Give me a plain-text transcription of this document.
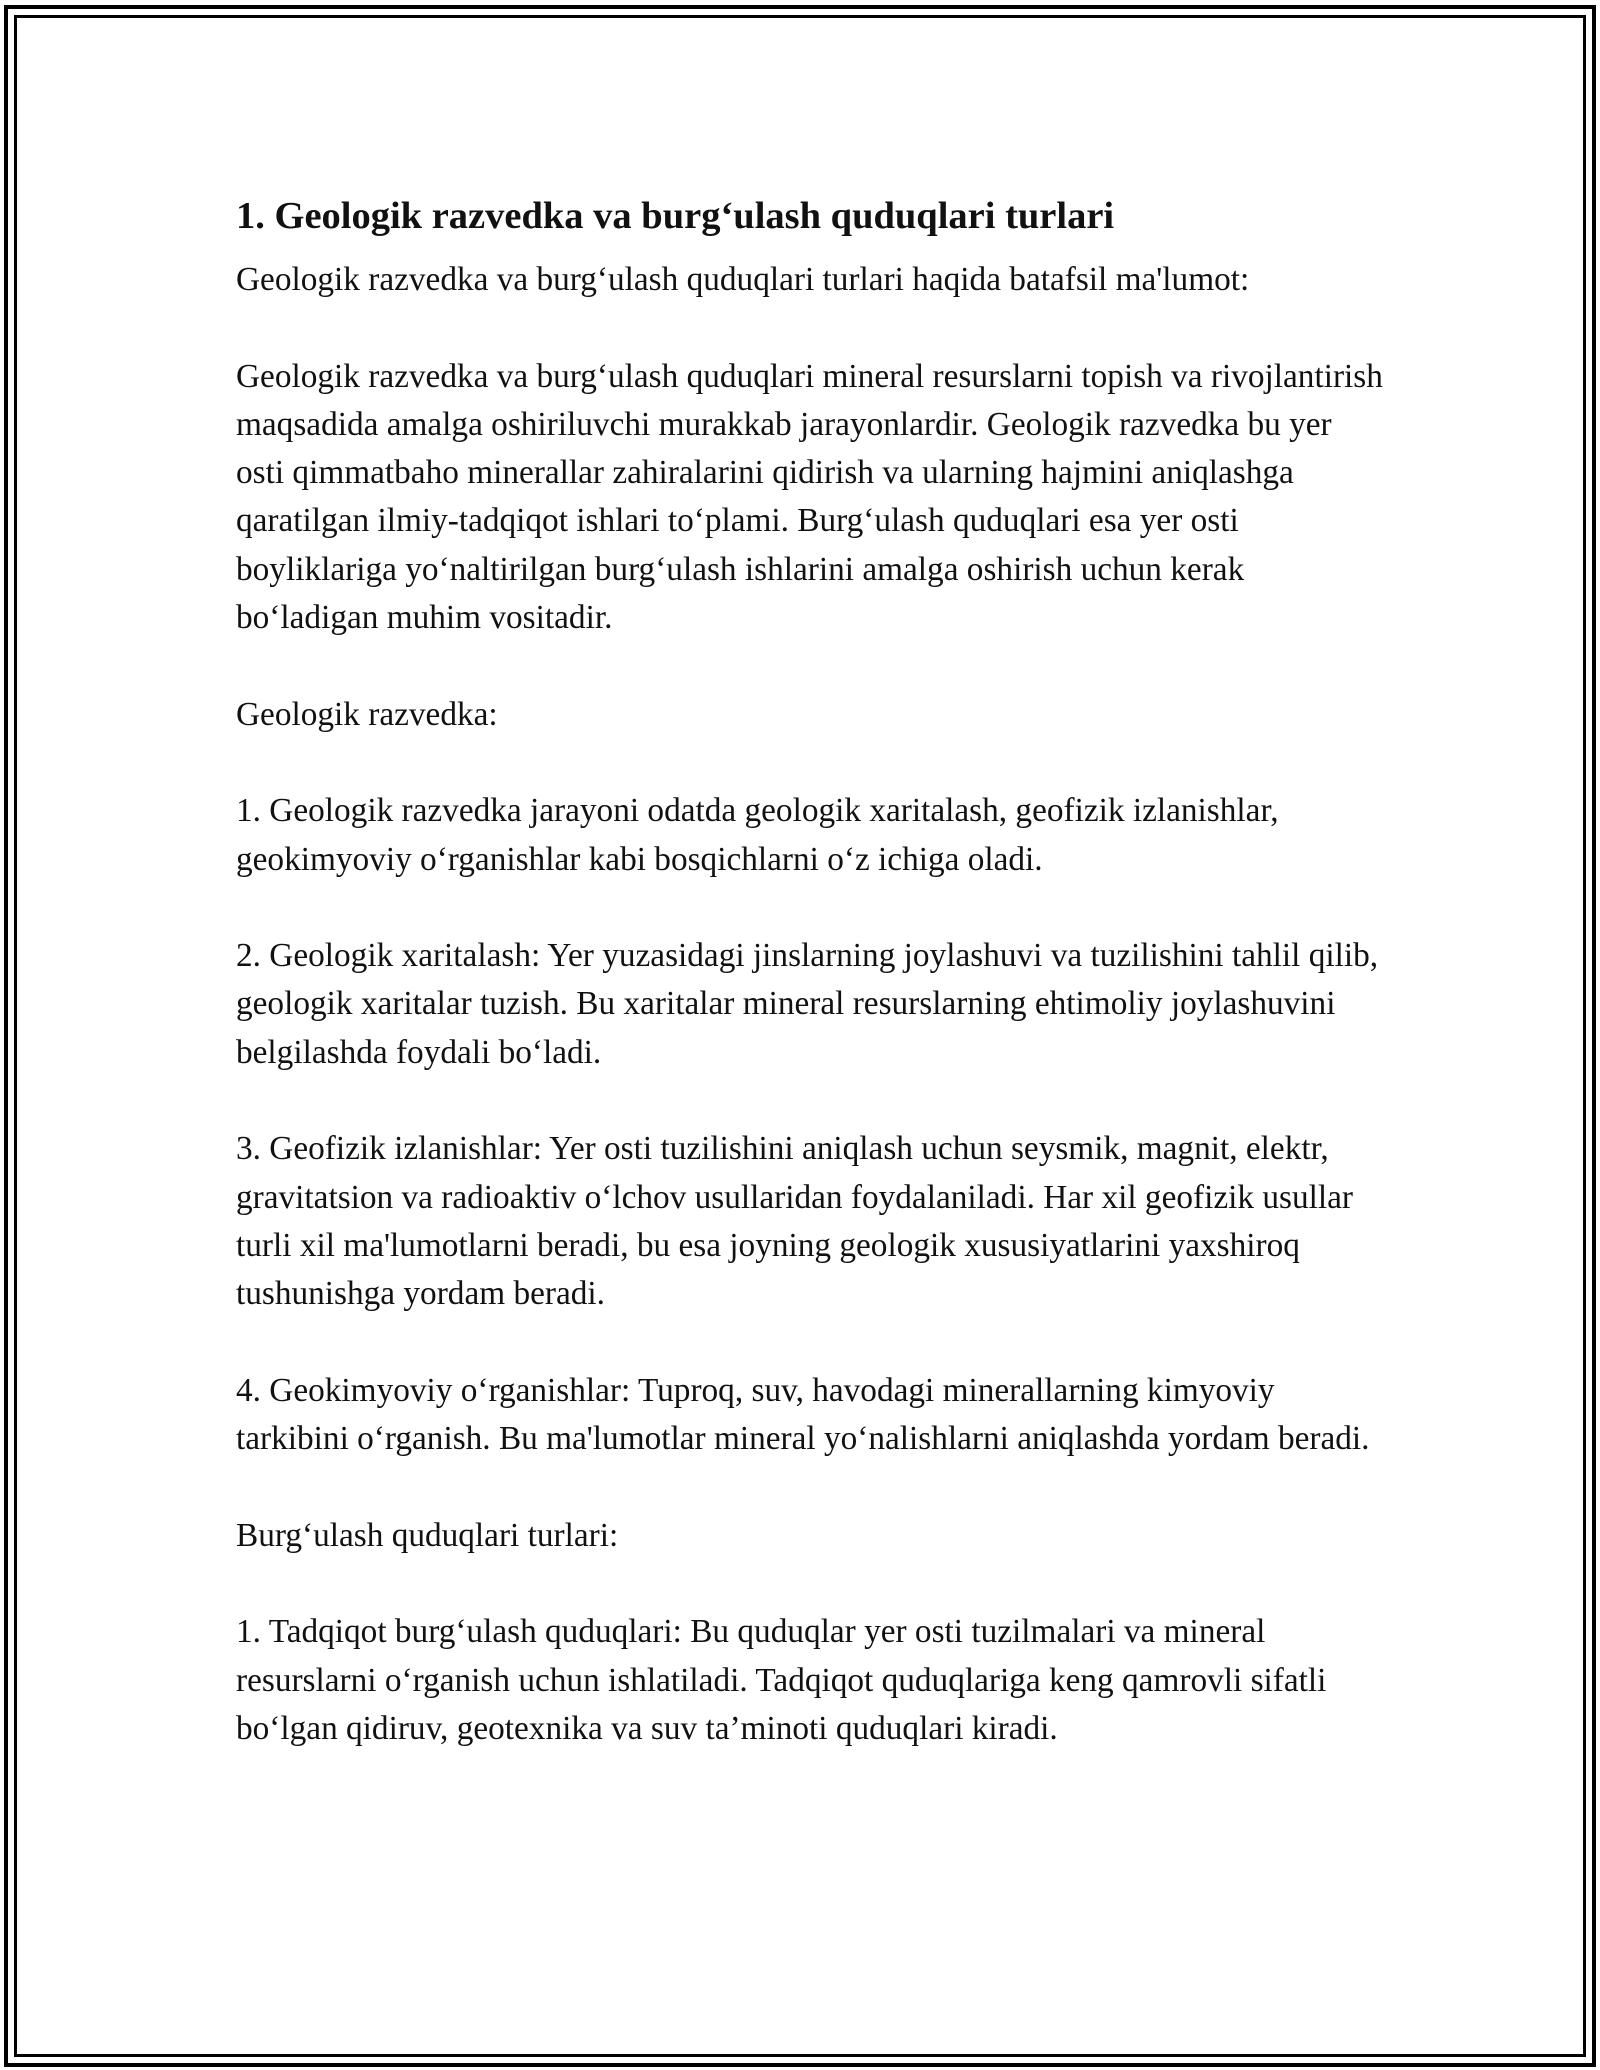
1. Geologik razvedka va burg‘ulash quduqlari turlari

Geologik razvedka va burg‘ulash quduqlari turlari haqida batafsil ma'lumot:

Geologik razvedka va burg‘ulash quduqlari mineral resurslarni topish va rivojlantirish maqsadida amalga oshiriluvchi murakkab jarayonlardir. Geologik razvedka bu yer osti qimmatbaho minerallar zahiralarini qidirish va ularning hajmini aniqlashga qaratilgan ilmiy-tadqiqot ishlari to‘plami. Burg‘ulash quduqlari esa yer osti boyliklariga yo‘naltirilgan burg‘ulash ishlarini amalga oshirish uchun kerak bo‘ladigan muhim vositadir.

Geologik razvedka:

1. Geologik razvedka jarayoni odatda geologik xaritalash, geofizik izlanishlar, geokimyoviy o‘rganishlar kabi bosqichlarni o‘z ichiga oladi.

2. Geologik xaritalash: Yer yuzasidagi jinslarning joylashuvi va tuzilishini tahlil qilib, geologik xaritalar tuzish. Bu xaritalar mineral resurslarning ehtimoliy joylashuvini belgilashda foydali bo‘ladi.

3. Geofizik izlanishlar: Yer osti tuzilishini aniqlash uchun seysmik, magnit, elektr, gravitatsion va radioaktiv o‘lchov usullaridan foydalaniladi. Har xil geofizik usullar turli xil ma'lumotlarni beradi, bu esa joyning geologik xususiyatlarini yaxshiroq tushunishga yordam beradi.

4. Geokimyoviy o‘rganishlar: Tuproq, suv, havodagi minerallarning kimyoviy tarkibini o‘rganish. Bu ma'lumotlar mineral yo‘nalishlarni aniqlashda yordam beradi.

Burg‘ulash quduqlari turlari:

1. Tadqiqot burg‘ulash quduqlari: Bu quduqlar yer osti tuzilmalari va mineral resurslarni o‘rganish uchun ishlatiladi. Tadqiqot quduqlariga keng qamrovli sifatli bo‘lgan qidiruv, geotexnika va suv ta’minoti quduqlari kiradi.
